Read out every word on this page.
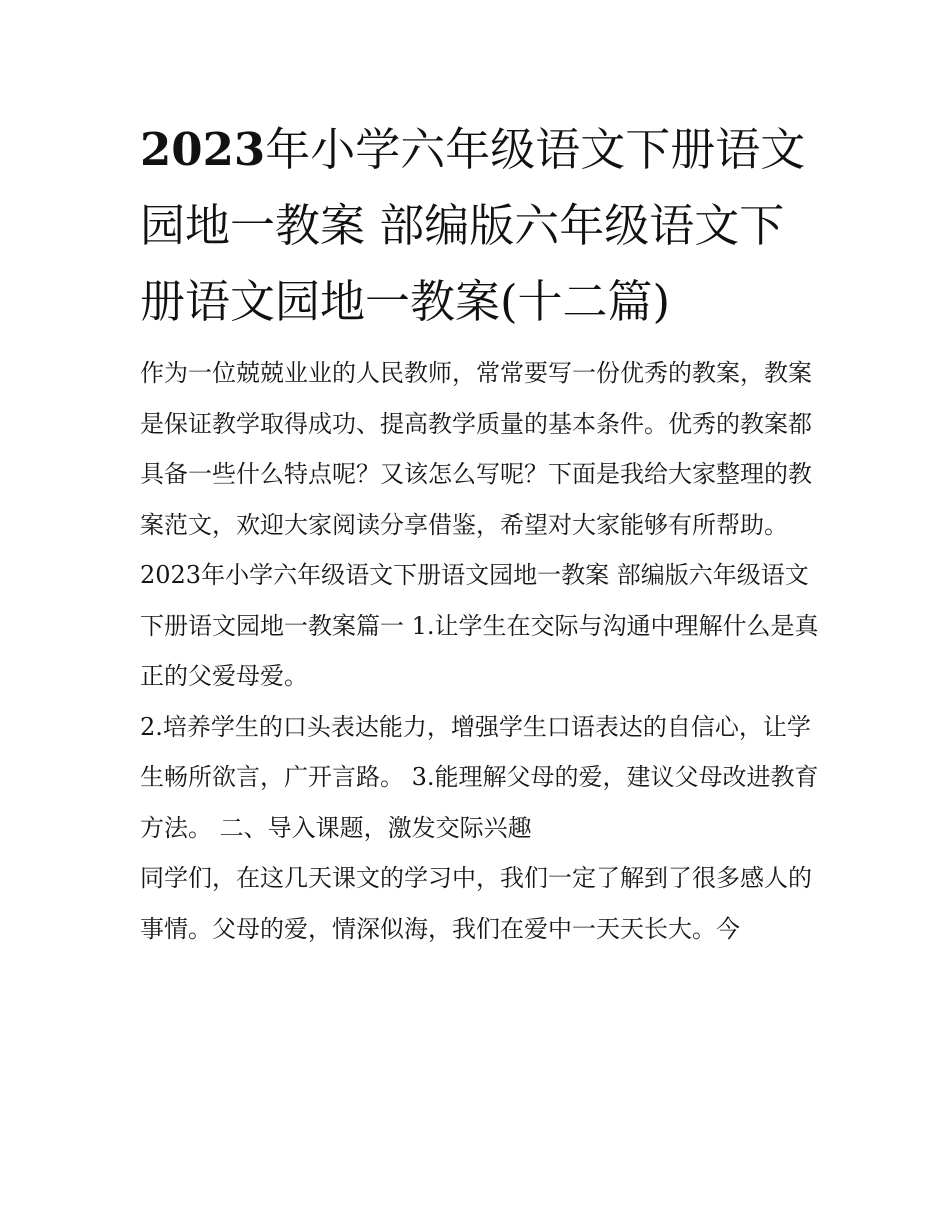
2023年小学六年级语文下册语文园地一教案 部编版六年级语文下册语文园地一教案(十二篇)

作为一位兢兢业业的人民教师，常常要写一份优秀的教案，教案是保证教学取得成功、提高教学质量的基本条件。优秀的教案都具备一些什么特点呢？又该怎么写呢？下面是我给大家整理的教案范文，欢迎大家阅读分享借鉴，希望对大家能够有所帮助。

2023年小学六年级语文下册语文园地一教案 部编版六年级语文下册语文园地一教案篇一 1.让学生在交际与沟通中理解什么是真正的父爱母爱。

2.培养学生的口头表达能力，增强学生口语表达的自信心，让学生畅所欲言，广开言路。 3.能理解父母的爱，建议父母改进教育方法。 二、导入课题，激发交际兴趣

同学们，在这几天课文的学习中，我们一定了解到了很多感人的事情。父母的爱，情深似海，我们在爱中一天天长大。今
